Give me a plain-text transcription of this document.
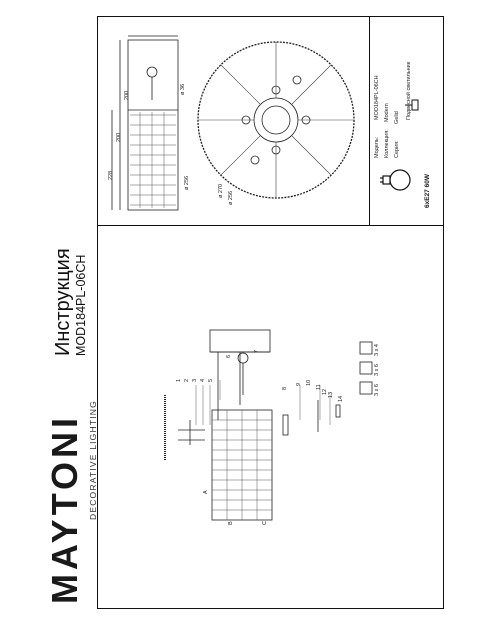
MAYTONI DECORATIVE LIGHTING
Инструкция MOD184PL-06CH
200
228
200
ø 36
ø 256
ø 270 ø 256
1 2 3 4 5
6
7
8
9 10
11
12 13
14
A
B	C
3 x 4
3 x 6
3 x 6
Модель:
MOD184PL-06CH
Коллекция:
Modern
Серия:
Gelid Подвесной светильник
6xE27 60W
